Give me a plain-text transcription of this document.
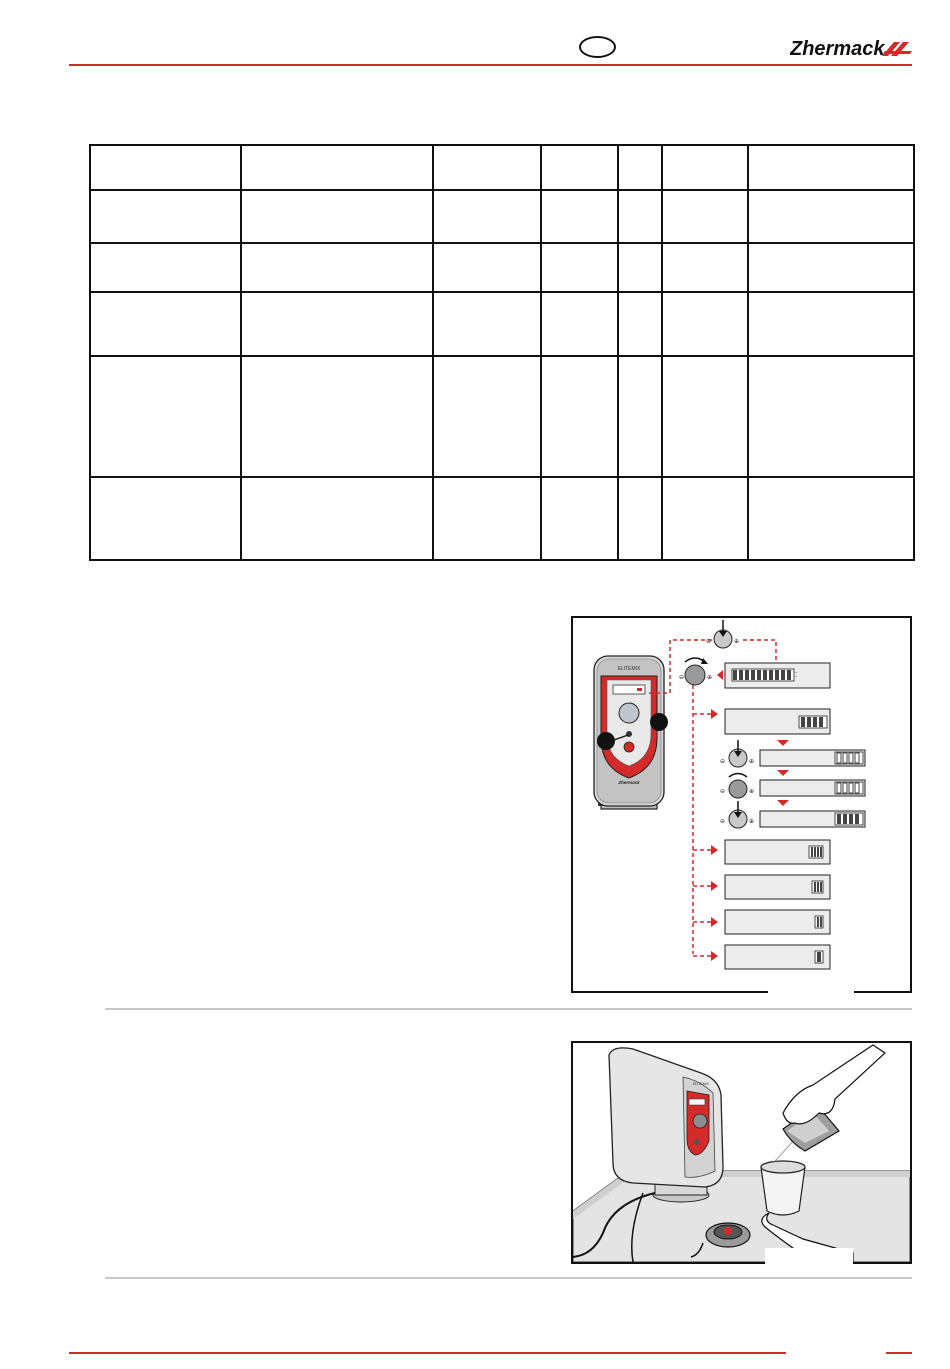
Zhermack

ELITEMIX
Zhermack
⊖	⊕
⊖	⊕	⁚
⊖	⊕
⊖	⊕
⊖	⊕
ELITEMIX
